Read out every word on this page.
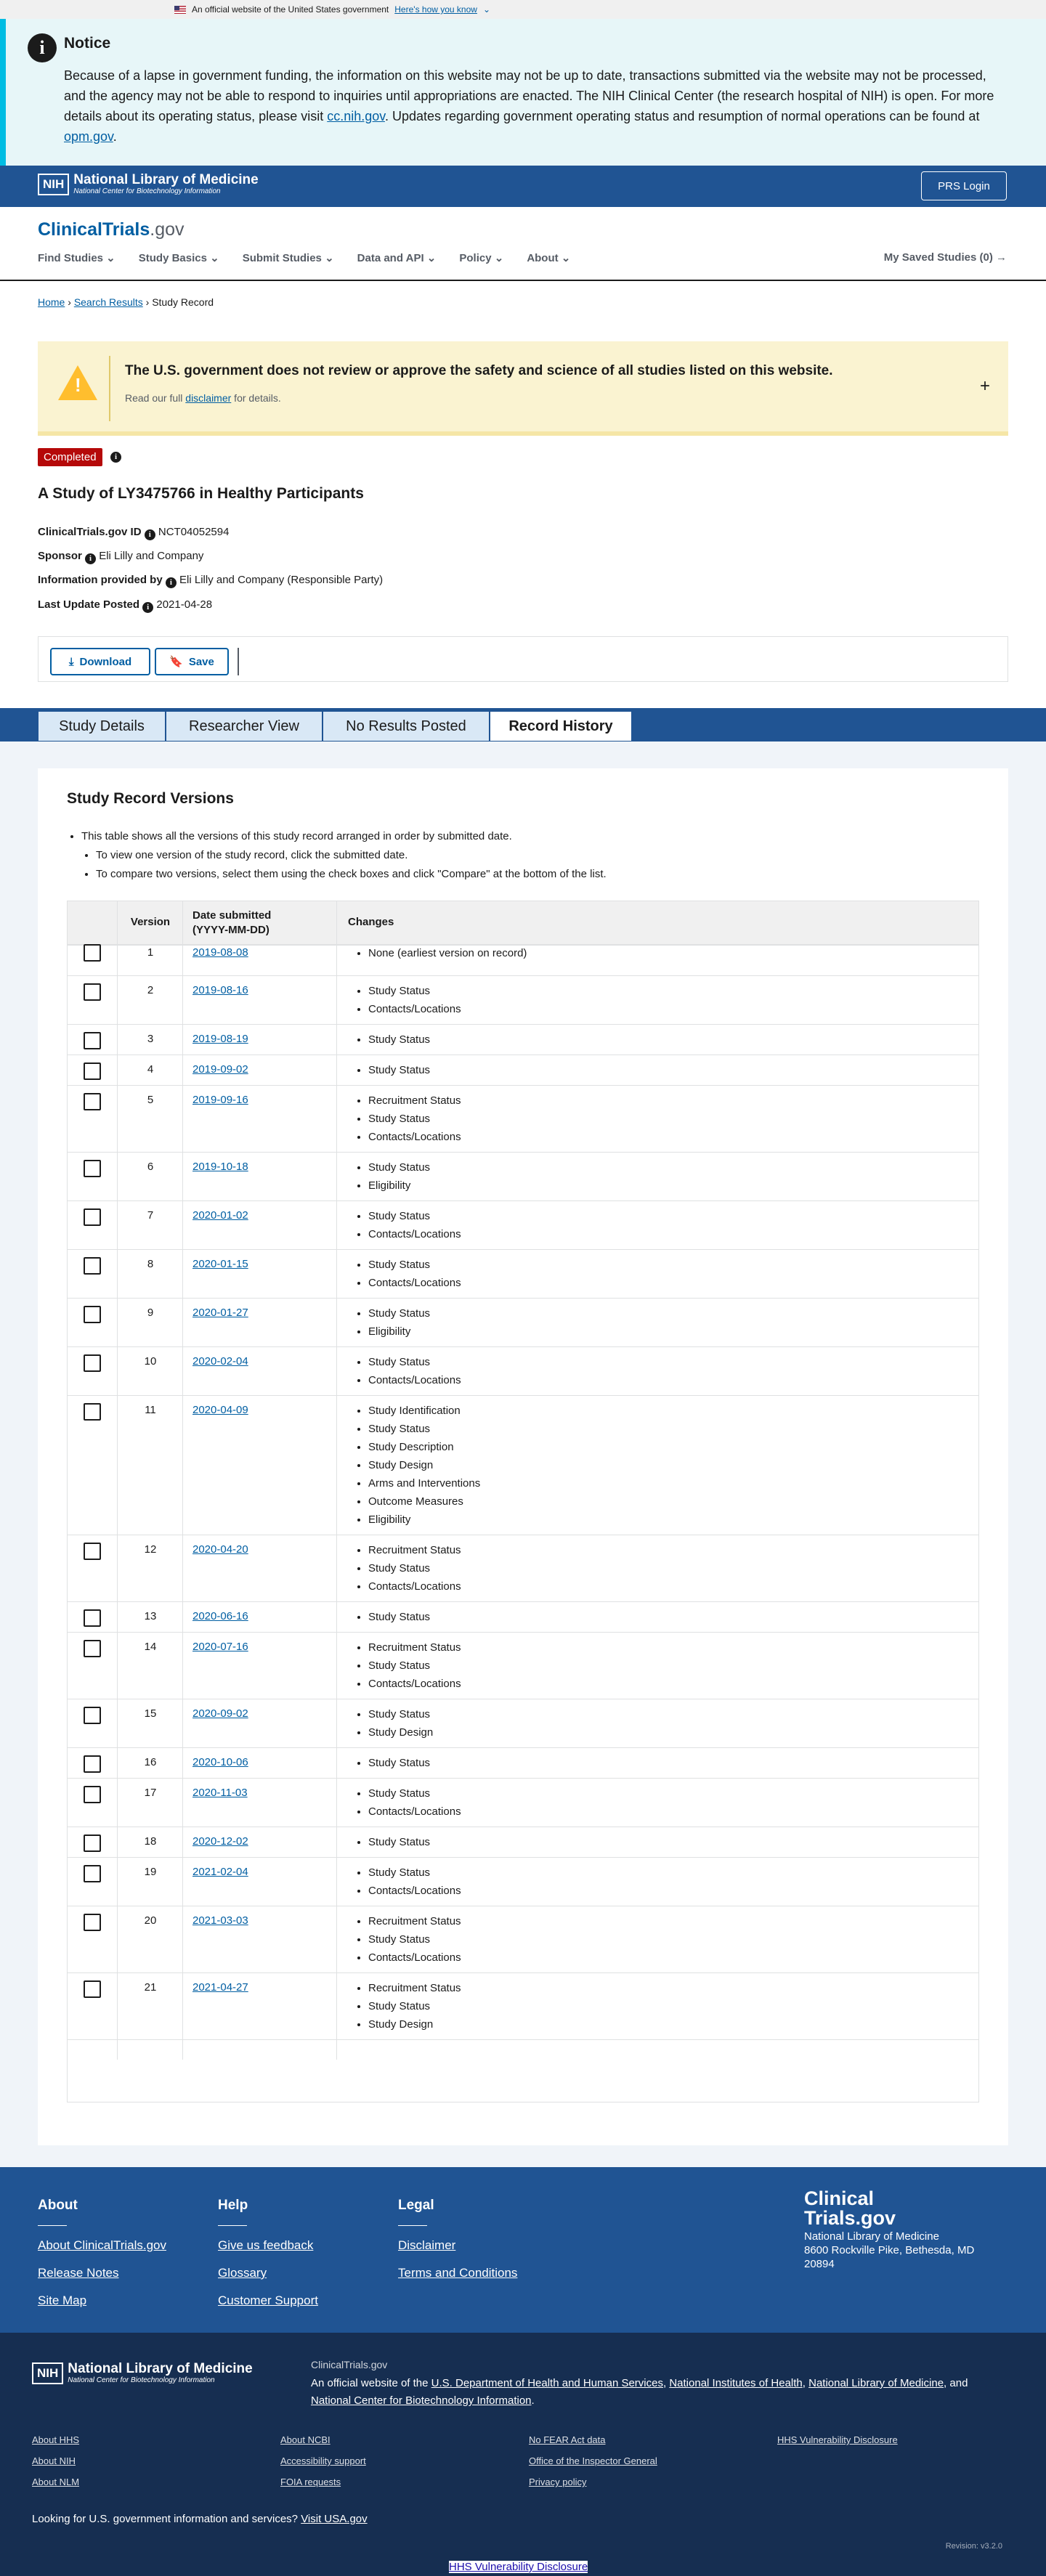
An official website of the United States government Here's how you know ⌄
i	Notice

Because of a lapse in government funding, the information on this website may not be up to date, transactions submitted via the website may not be processed, and the agency may not be able to respond to inquiries until appropriations are enacted. The NIH Clinical Center (the research hospital of NIH) is open. For more details about its operating status, please visit cc.nih.gov. Updates regarding government operating status and resumption of normal operations can be found at opm.gov.

NIH National Library of Medicine
National Center for Biotechnology Information	PRS Login
ClinicalTrials.gov
Find Studies ⌄ Study Basics ⌄ Submit Studies ⌄ Data and API ⌄ Policy ⌄ About ⌄	My Saved Studies (0) →
Home › Search Results › Study Record
!
The U.S. government does not review or approve the safety and science of all studies listed on this website.

Read our full disclaimer for details.

+
Completed	i
A Study of LY3475766 in Healthy Participants
ClinicalTrials.gov ID i NCT04052594
Sponsor i Eli Lilly and Company
Information provided by i Eli Lilly and Company (Responsible Party)
Last Update Posted i 2021-04-28
⤓ Download	🔖 Save
Study Details	Researcher View	No Results Posted	Record History
Study Record Versions
• This table shows all the versions of this study record arranged in order by submitted date.
• To view one version of the study record, click the submitted date.
• To compare two versions, select them using the check boxes and click "Compare" at the bottom of the list.
Version
Date submitted
(YYYY-MM-DD)
Changes
1	2019-08-08	• None (earliest version on record)
2	2019-08-16	• Study Status
• Contacts/Locations
3	2019-08-19	• Study Status
4	2019-09-02	• Study Status
5	2019-09-16	• Recruitment Status
• Study Status
• Contacts/Locations
6	2019-10-18	• Study Status
• Eligibility
7	2020-01-02	• Study Status
• Contacts/Locations
8	2020-01-15	• Study Status
• Contacts/Locations
9	2020-01-27	• Study Status
• Eligibility
10	2020-02-04	• Study Status
• Contacts/Locations
11	2020-04-09	• Study Identification
• Study Status
• Study Description
• Study Design
• Arms and Interventions
• Outcome Measures
• Eligibility
12	2020-04-20	• Recruitment Status
• Study Status
• Contacts/Locations
13	2020-06-16	• Study Status
14	2020-07-16	• Recruitment Status
• Study Status
• Contacts/Locations
15	2020-09-02	• Study Status
• Study Design
16	2020-10-06	• Study Status
17	2020-11-03	• Study Status
• Contacts/Locations
18	2020-12-02	• Study Status
19	2021-02-04	• Study Status
• Contacts/Locations
20	2021-03-03	• Recruitment Status
• Study Status
• Contacts/Locations
21	2021-04-27	• Recruitment Status
• Study Status
• Study Design
About
About ClinicalTrials.gov
Release Notes
Site Map
Help
Give us feedback
Glossary
Customer Support
Legal
Disclaimer
Terms and Conditions
Clinical
Trials.gov
National Library of Medicine
8600 Rockville Pike, Bethesda, MD 20894
NIH National Library of Medicine
National Center for Biotechnology Information
ClinicalTrials.gov
An official website of the U.S. Department of Health and Human Services, National Institutes of Health, National Library of Medicine, and National Center for Biotechnology Information.
About HHS	About NCBI	No FEAR Act data	HHS Vulnerability Disclosure
About NIH	Accessibility support	Office of the Inspector General
About NLM	FOIA requests	Privacy policy
Looking for U.S. government information and services? Visit USA.gov
Revision: v3.2.0
HHS Vulnerability Disclosure
